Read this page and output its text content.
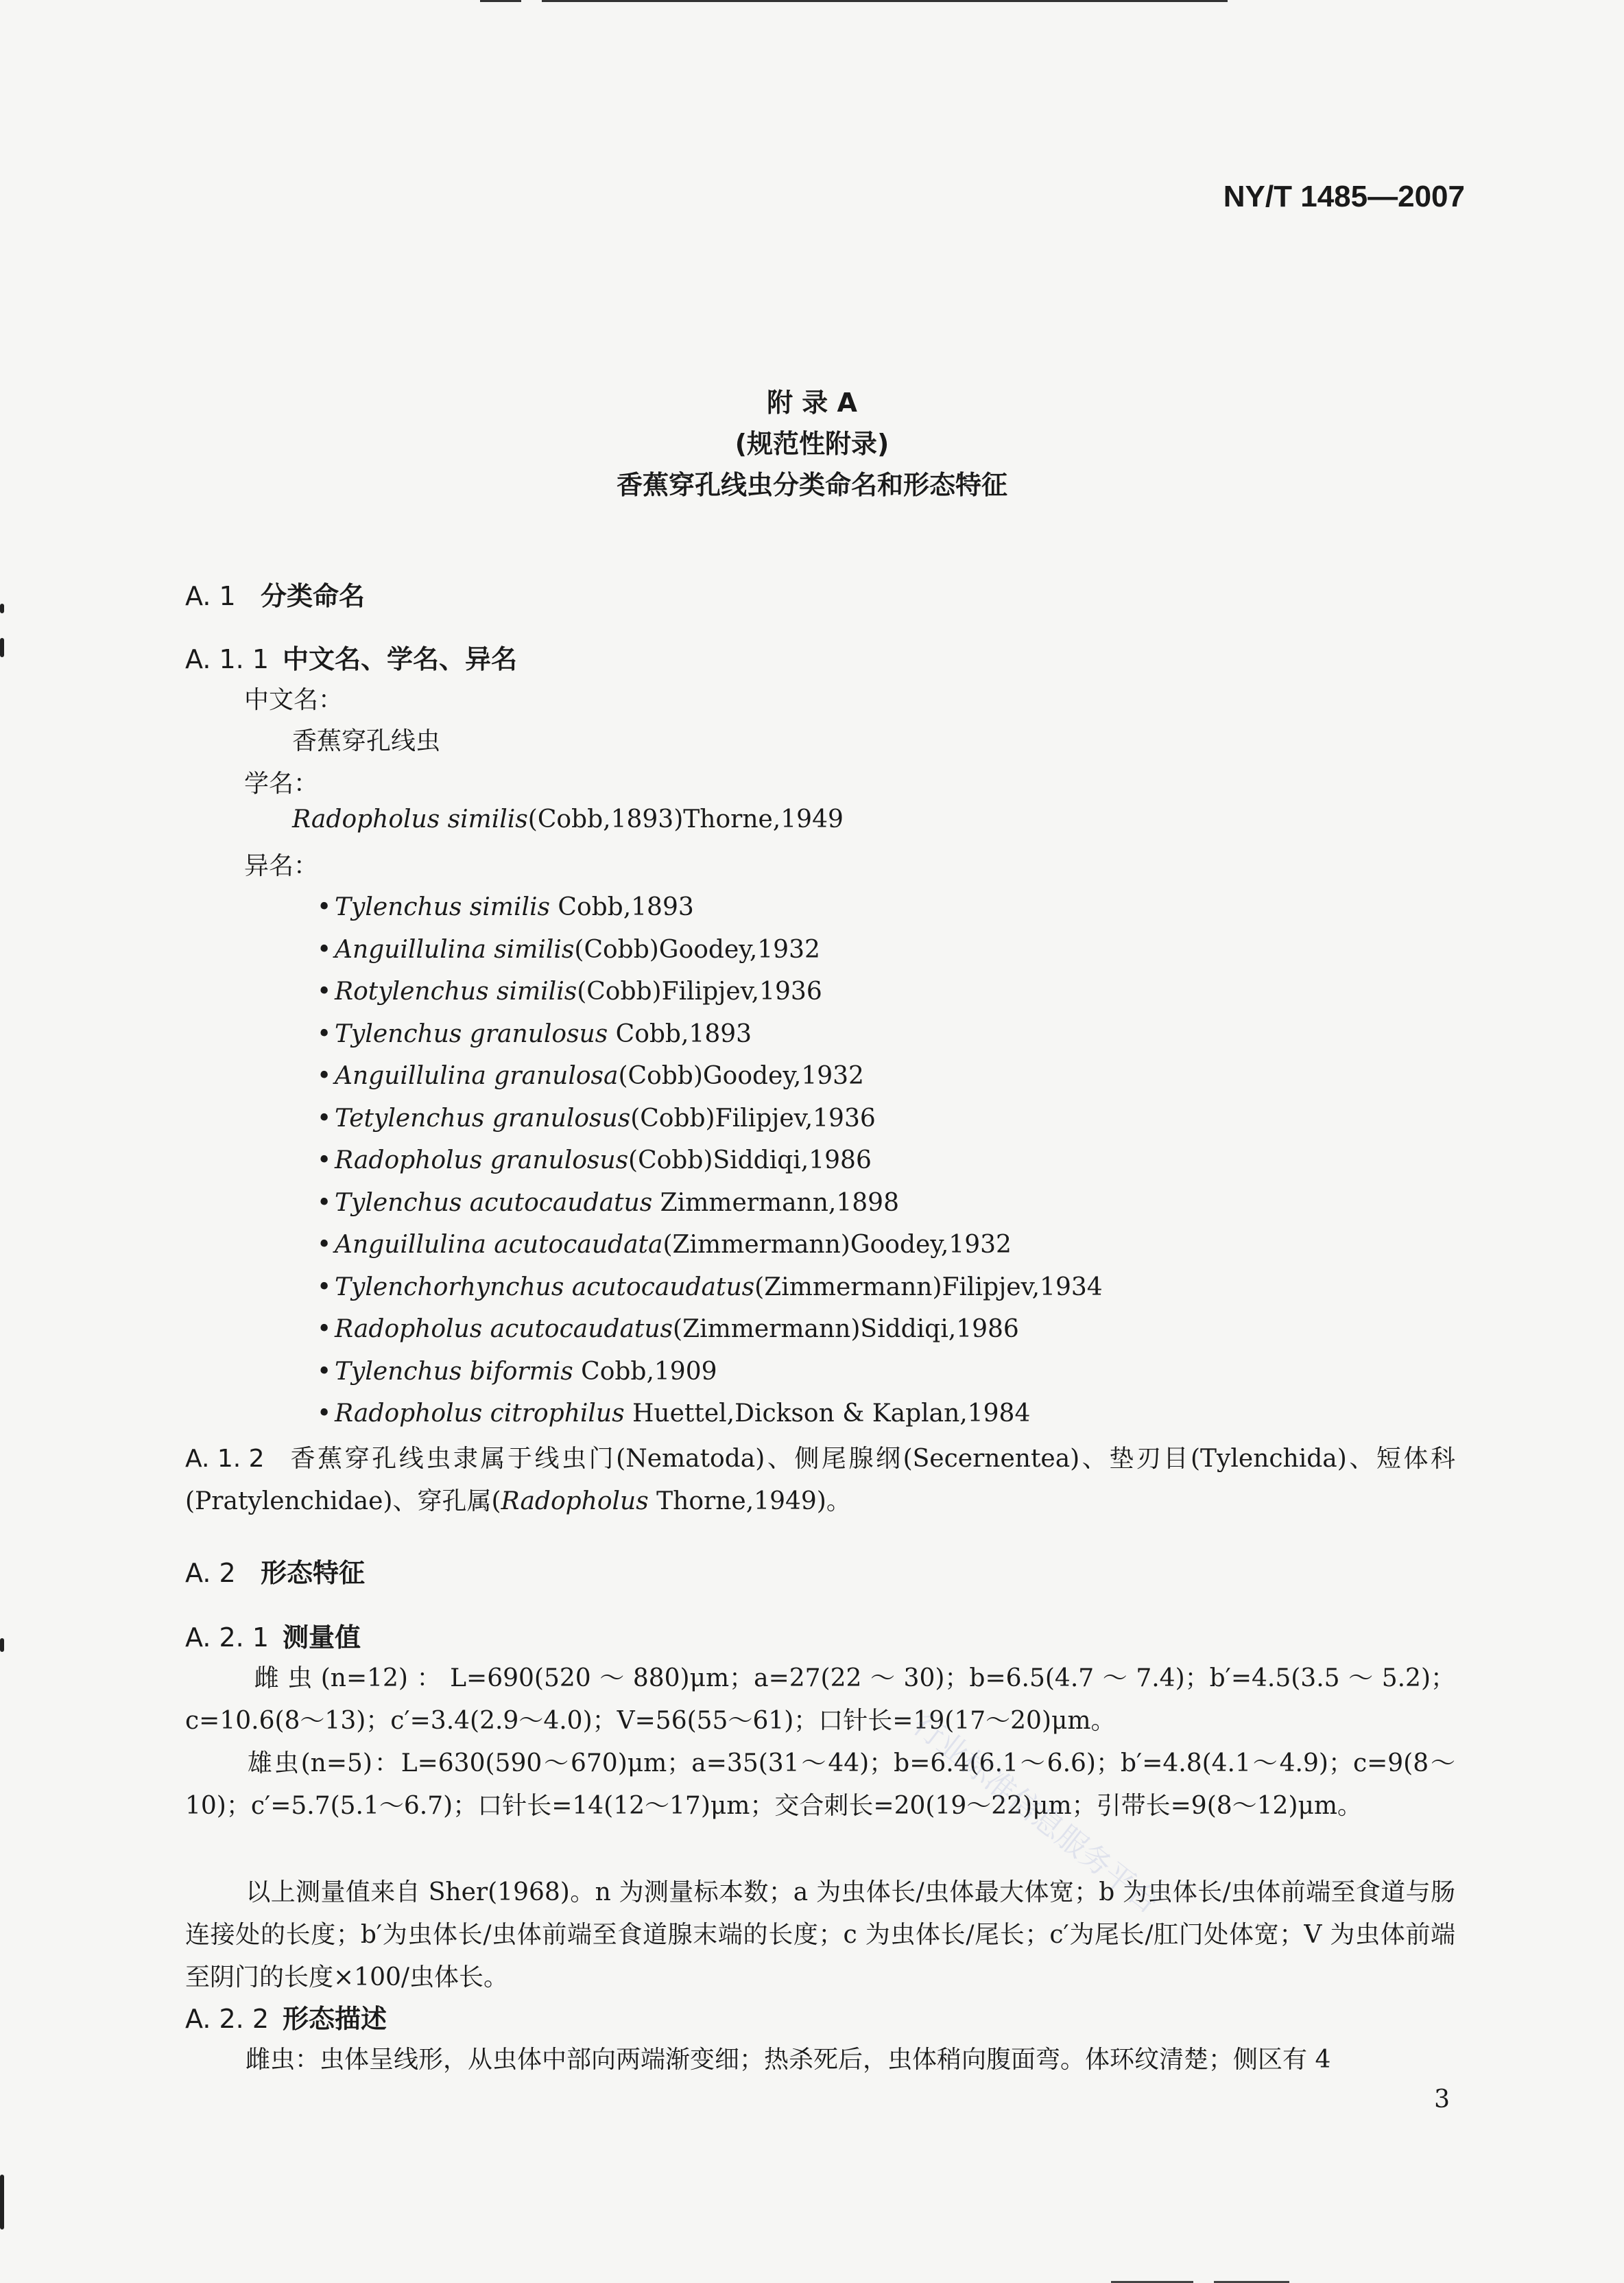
NY/T 1485—2007
附 录 A
(规范性附录)
香蕉穿孔线虫分类命名和形态特征
A. 1 分类命名
A. 1. 1 中文名、学名、异名
中文名：
香蕉穿孔线虫
学名：
Radopholus similis(Cobb,1893)Thorne,1949
异名：
• Tylenchus similis Cobb,1893
• Anguillulina similis(Cobb)Goodey,1932
• Rotylenchus similis(Cobb)Filipjev,1936
• Tylenchus granulosus Cobb,1893
• Anguillulina granulosa(Cobb)Goodey,1932
• Tetylenchus granulosus(Cobb)Filipjev,1936
• Radopholus granulosus(Cobb)Siddiqi,1986
• Tylenchus acutocaudatus Zimmermann,1898
• Anguillulina acutocaudata(Zimmermann)Goodey,1932
• Tylenchorhynchus acutocaudatus(Zimmermann)Filipjev,1934
• Radopholus acutocaudatus(Zimmermann)Siddiqi,1986
• Tylenchus biformis Cobb,1909
• Radopholus citrophilus Huettel,Dickson & Kaplan,1984
A. 1. 2 香蕉穿孔线虫隶属于线虫门(Nematoda)、侧尾腺纲(Secernentea)、垫刃目(Tylenchida)、短体科(Pratylenchidae)、穿孔属(Radopholus Thorne,1949)。
A. 2 形态特征
A. 2. 1 测量值
雌虫(n=12)：L=690(520～880)μm；a=27(22～30)；b=6.5(4.7～7.4)；b′=4.5(3.5～5.2)；c=10.6(8～13)；c′=3.4(2.9～4.0)；V=56(55～61)；口针长=19(17～20)μm。
雄虫(n=5)：L=630(590～670)μm；a=35(31～44)；b=6.4(6.1～6.6)；b′=4.8(4.1～4.9)；c=9(8～10)；c′=5.7(5.1～6.7)；口针长=14(12～17)μm；交合刺长=20(19～22)μm；引带长=9(8～12)μm。
以上测量值来自 Sher(1968)。n 为测量标本数；a 为虫体长/虫体最大体宽；b 为虫体长/虫体前端至食道与肠连接处的长度；b′为虫体长/虫体前端至食道腺末端的长度；c 为虫体长/尾长；c′为尾长/肛门处体宽；V 为虫体前端至阴门的长度×100/虫体长。
A. 2. 2 形态描述
雌虫：虫体呈线形，从虫体中部向两端渐变细；热杀死后，虫体稍向腹面弯。体环纹清楚；侧区有 4
3
行业标准信息服务平台
